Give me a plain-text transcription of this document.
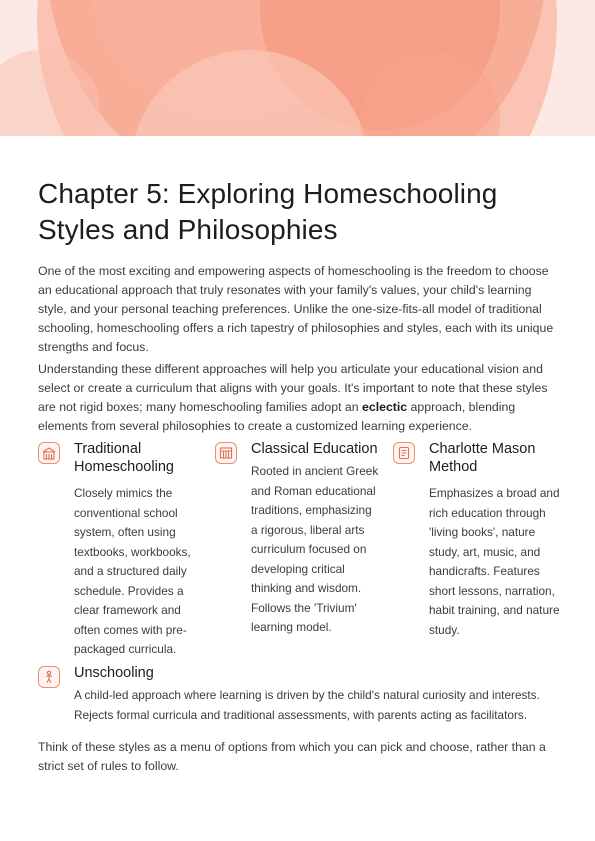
Chapter 5: Exploring Homeschooling
Styles and Philosophies

One of the most exciting and empowering aspects of homeschooling is the freedom to choose an educational approach that truly resonates with your family's values, your child's learning style, and your personal teaching preferences. Unlike the one-size-fits-all model of traditional schooling, homeschooling offers a rich tapestry of philosophies and styles, each with its unique strengths and focus.

Understanding these different approaches will help you articulate your educational vision and select or create a curriculum that aligns with your goals. It's important to note that these styles are not rigid boxes; many homeschooling families adopt an eclectic approach, blending elements from several philosophies to create a customized learning experience.

Traditional
Homeschooling
Closely mimics the conventional school system, often using textbooks, workbooks, and a structured daily schedule. Provides a clear framework and often comes with pre-packaged curricula.
Classical Education
Rooted in ancient Greek and Roman educational traditions, emphasizing a rigorous, liberal arts curriculum focused on developing critical thinking and wisdom. Follows the 'Trivium' learning model.
Charlotte Mason
Method
Emphasizes a broad and rich education through 'living books', nature study, art, music, and handicrafts. Features short lessons, narration, habit training, and nature study.
Unschooling
A child-led approach where learning is driven by the child's natural curiosity and interests. Rejects formal curricula and traditional assessments, with parents acting as facilitators.

Think of these styles as a menu of options from which you can pick and choose, rather than a strict set of rules to follow.
